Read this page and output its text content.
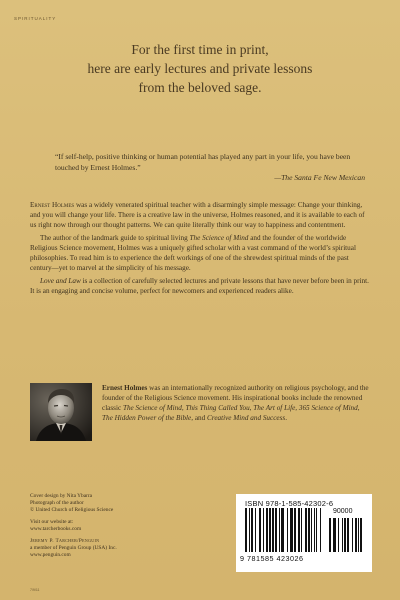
SPIRITUALITY
For the first time in print,
here are early lectures and private lessons
from the beloved sage.
“If self-help, positive thinking or human potential has played any part in your life, you have been touched by Ernest Holmes.”
—The Santa Fe New Mexican

Ernest Holmes was a widely venerated spiritual teacher with a disarmingly simple message: Change your thinking, and you will change your life. There is a creative law in the universe, Holmes reasoned, and it is available to each of us right now through our thought patterns. We can quite literally think our way to happiness and contentment.

The author of the landmark guide to spiritual living The Science of Mind and the founder of the worldwide Religious Science movement, Holmes was a uniquely gifted scholar with a vast command of the world’s spiritual philosophies. To read him is to experience the deft workings of one of the shrewdest spiritual minds of the past century—yet to marvel at the simplicity of his message.

Love and Law is a collection of carefully selected lectures and private lessons that have never before been in print. It is an engaging and concise volume, perfect for newcomers and experienced readers alike.

Ernest Holmes was an internationally recognized authority on religious psychology, and the founder of the Religious Science movement. His inspirational books include the renowned classic The Science of Mind, This Thing Called You, The Art of Life, 365 Science of Mind, The Hidden Power of the Bible, and Creative Mind and Success.
Cover design by Nita Ybarra
Photograph of the author
© United Church of Religious Science
Visit our website at:
www.tarcherbooks.com
Jeremy P. Tarcher/Penguin
a member of Penguin Group (USA) Inc.
www.penguin.com
7/9/11
ISBN 978-1-585-42302-6
90000
9 781585 423026
